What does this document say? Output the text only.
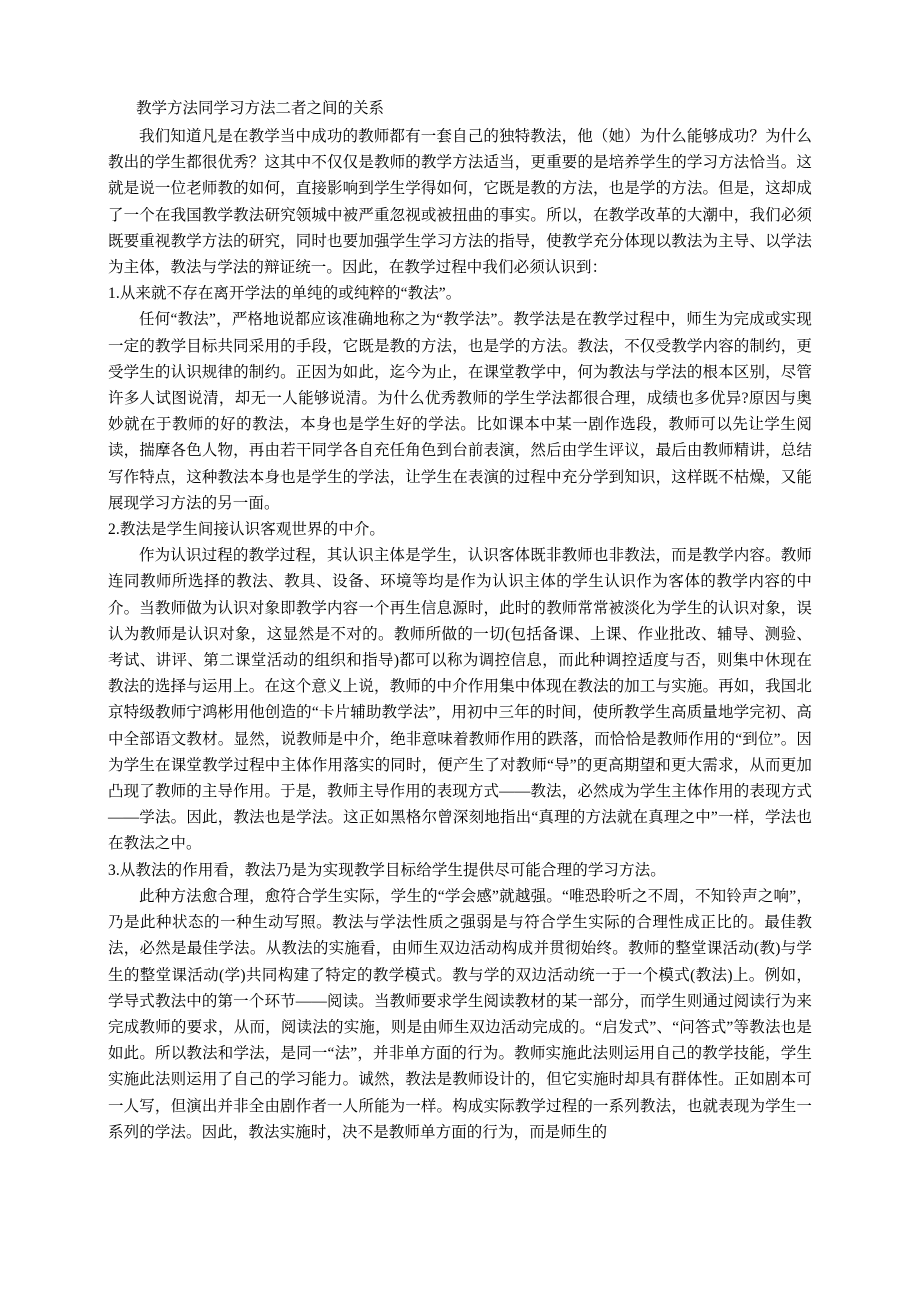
教学方法同学习方法二者之间的关系

我们知道凡是在教学当中成功的教师都有一套自己的独特教法，他（她）为什么能够成功？为什么教出的学生都很优秀？这其中不仅仅是教师的教学方法适当，更重要的是培养学生的学习方法恰当。这就是说一位老师教的如何，直接影响到学生学得如何，它既是教的方法，也是学的方法。但是，这却成了一个在我国教学教法研究领城中被严重忽视或被扭曲的事实。所以，在教学改革的大潮中，我们必须既要重视教学方法的研究，同时也要加强学生学习方法的指导，使教学充分体现以教法为主导、以学法为主体，教法与学法的辩证统一。因此，在教学过程中我们必须认识到：

1.从来就不存在离开学法的单纯的或纯粹的“教法”。

任何“教法”，严格地说都应该准确地称之为“教学法”。教学法是在教学过程中，师生为完成或实现一定的教学目标共同采用的手段，它既是教的方法，也是学的方法。教法，不仅受教学内容的制约，更受学生的认识规律的制约。正因为如此，迄今为止，在课堂教学中，何为教法与学法的根本区别，尽管许多人试图说清，却无一人能够说清。为什么优秀教师的学生学法都很合理，成绩也多优异?原因与奥妙就在于教师的好的教法，本身也是学生好的学法。比如课本中某一剧作选段，教师可以先让学生阅读，揣摩各色人物，再由若干同学各自充任角色到台前表演，然后由学生评议，最后由教师精讲，总结写作特点，这种教法本身也是学生的学法，让学生在表演的过程中充分学到知识，这样既不枯燥，又能展现学习方法的另一面。

2.教法是学生间接认识客观世界的中介。

作为认识过程的教学过程，其认识主体是学生，认识客体既非教师也非教法，而是教学内容。教师连同教师所选择的教法、教具、设备、环境等均是作为认识主体的学生认识作为客体的教学内容的中介。当教师做为认识对象即教学内容一个再生信息源时，此时的教师常常被淡化为学生的认识对象，误认为教师是认识对象，这显然是不对的。教师所做的一切(包括备课、上课、作业批改、辅导、测验、考试、讲评、第二课堂活动的组织和指导)都可以称为调控信息，而此种调控适度与否，则集中休现在教法的选择与运用上。在这个意义上说，教师的中介作用集中体现在教法的加工与实施。再如，我国北京特级教师宁鸿彬用他创造的“卡片辅助教学法”，用初中三年的时间，使所教学生高质量地学完初、高中全部语文教材。显然，说教师是中介，绝非意味着教师作用的跌落，而恰恰是教师作用的“到位”。因为学生在课堂教学过程中主体作用落实的同时，便产生了对教师“导”的更高期望和更大需求，从而更加凸现了教师的主导作用。于是，教师主导作用的表现方式——教法，必然成为学生主体作用的表现方式——学法。因此，教法也是学法。这正如黑格尔曾深刻地指出“真理的方法就在真理之中”一样，学法也在教法之中。

3.从教法的作用看，教法乃是为实现教学目标给学生提供尽可能合理的学习方法。

此种方法愈合理，愈符合学生实际，学生的“学会感”就越强。“唯恐聆听之不周，不知铃声之响”，乃是此种状态的一种生动写照。教法与学法性质之强弱是与符合学生实际的合理性成正比的。最佳教法，必然是最佳学法。从教法的实施看，由师生双边活动构成并贯彻始终。教师的整堂课活动(教)与学生的整堂课活动(学)共同构建了特定的教学模式。教与学的双边活动统一于一个模式(教法)上。例如，学导式教法中的第一个环节——阅读。当教师要求学生阅读教材的某一部分，而学生则通过阅读行为来完成教师的要求，从而，阅读法的实施，则是由师生双边活动完成的。“启发式”、“问答式”等教法也是如此。所以教法和学法，是同一“法”，并非单方面的行为。教师实施此法则运用自己的教学技能，学生实施此法则运用了自己的学习能力。诚然，教法是教师设计的，但它实施时却具有群体性。正如剧本可一人写，但演出并非全由剧作者一人所能为一样。构成实际教学过程的一系列教法，也就表现为学生一系列的学法。因此，教法实施时，决不是教师单方面的行为，而是师生的
